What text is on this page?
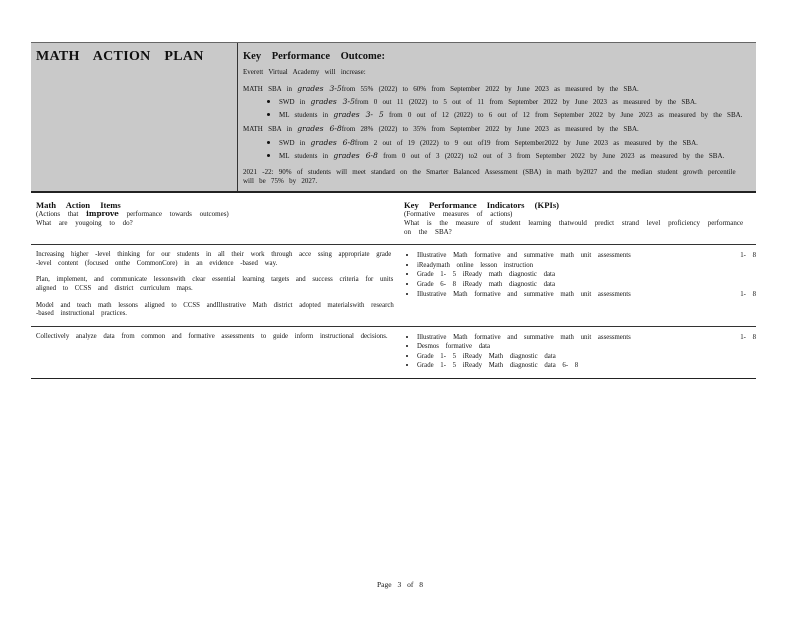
MATH ACTION PLAN	Key Performance Outcome:

Everett Virtual Academy will increase:

MATH SBA in grades 3-5from 55% (2022) to 60% from September 2022 by June 2023 as measured by the SBA.

• SWD in grades 3-5from 0 out 11 (2022) to 5 out of 11 from September 2022 by June 2023 as measured by the SBA.
• ML students in grades 3- 5 from 0 out of 12 (2022) to 6 out of 12 from September 2022 by June 2023 as measured by the SBA.

MATH SBA in grades 6-8from 28% (2022) to 35% from September 2022 by June 2023 as measured by the SBA.

• SWD in grades 6-8from 2 out of 19 (2022) to 9 out of19 from September2022 by June 2023 as measured by the SBA.
• ML students in grades 6-8 from 0 out of 3 (2022) to2 out of 3 from September 2022 by June 2023 as measured by the SBA.

2021 -22: 90% of students will meet standard on the Smarter Balanced Assessment (SBA) in math by2027 and the median student growth percentile will be 75% by 2027.

Math Action Items
(Actions that improve performance towards outcomes)
What are yougoing to do?
Key Performance Indicators (KPIs)
(Formative measures of actions)
What is the measure of student learning thatwould predict strand level proficiency performance on the SBA?
Increasing higher -level thinking for our students in all their work through acce ssing appropriate grade -level content (focused onthe CommonCore) in an evidence -based way.
Plan, implement, and communicate lessonswith clear essential learning targets and success criteria for units aligned to CCSS and district curriculum maps.
Model and teach math lessons aligned to CCSS andIllustrative Math district adopted materialswith research -based instructional practices.
• Illustrative Math formative and summative math unit assessments	1- 8
• iReadymath online lesson instruction
• Grade 1- 5 iReady math diagnostic data
• Grade 6- 8 iReady math diagnostic data
• Illustrative Math formative and summative math unit assessments	1- 8
Collectively analyze data from common and formative assessments to guide inform instructional decisions.
•	Illustrative Math formative and summative math unit assessments	1- 8
• Desmos formative data
• Grade 1- 5 iReady Math diagnostic data
• Grade 1- 5 iReady Math diagnostic data 6- 8
Page 3 of 8
